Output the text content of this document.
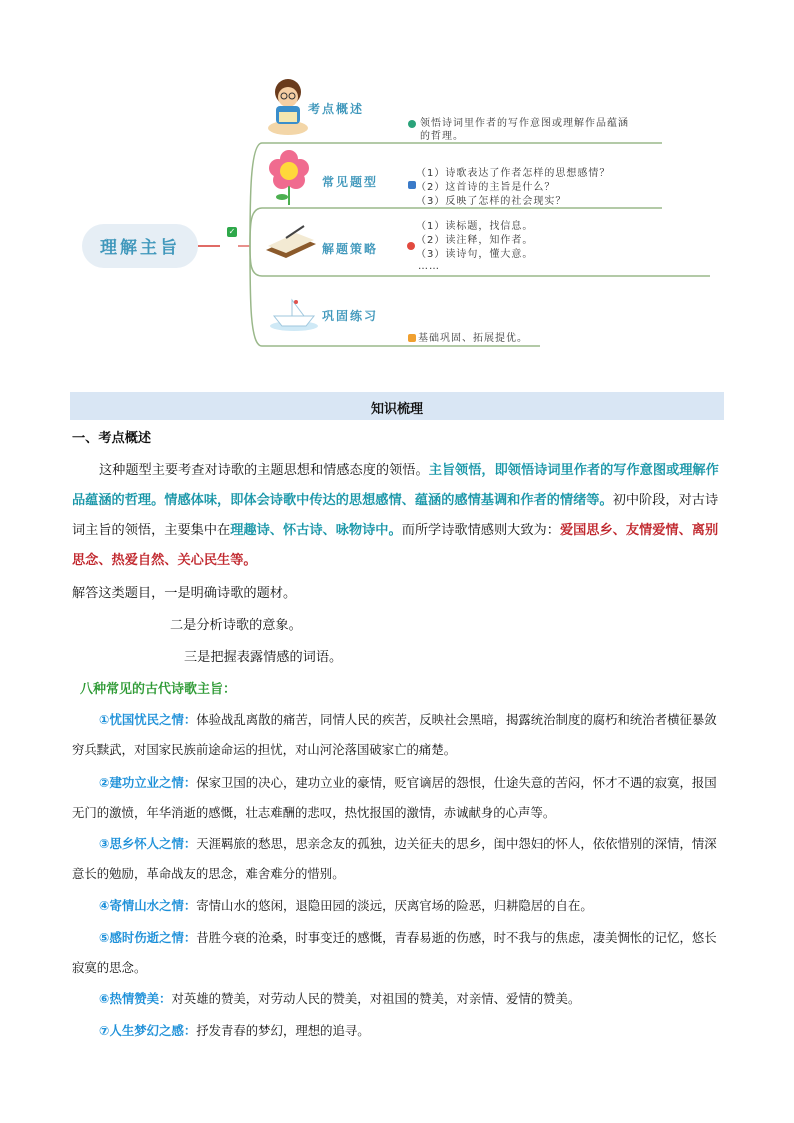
理解主旨
✓
考点概述
领悟诗词里作者的写作意图或理解作品蕴涵
的哲理。
常见题型
（1）诗歌表达了作者怎样的思想感情？
（2）这首诗的主旨是什么？
（3）反映了怎样的社会现实？
解题策略
（1）读标题，找信息。
（2）读注释，知作者。
（3）读诗句，懂大意。
……
巩固练习
基础巩固、拓展提优。
知识梳理
一、考点概述

这种题型主要考查对诗歌的主题思想和情感态度的领悟。主旨领悟，即领悟诗词里作者的写作意图或理解作品蕴涵的哲理。情感体味，即体会诗歌中传达的思想感情、蕴涵的感情基调和作者的情绪等。初中阶段，对古诗词主旨的领悟，主要集中在理趣诗、怀古诗、咏物诗中。而所学诗歌情感则大致为：爱国思乡、友情爱情、离别思念、热爱自然、关心民生等。

解答这类题目，一是明确诗歌的题材。
二是分析诗歌的意象。
三是把握表露情感的词语。
八种常见的古代诗歌主旨：

①忧国忧民之情：体验战乱离散的痛苦，同情人民的疾苦，反映社会黑暗，揭露统治制度的腐朽和统治者横征暴敛穷兵黩武，对国家民族前途命运的担忧，对山河沦落国破家亡的痛楚。

②建功立业之情：保家卫国的决心，建功立业的豪情，贬官谪居的怨恨，仕途失意的苦闷，怀才不遇的寂寞，报国无门的激愤，年华消逝的感慨，壮志难酬的悲叹，热忱报国的激情，赤诚献身的心声等。

③思乡怀人之情：天涯羁旅的愁思，思亲念友的孤独，边关征夫的思乡，闺中怨妇的怀人，依依惜别的深情，情深意长的勉励，革命战友的思念，难舍难分的惜别。

④寄情山水之情：寄情山水的悠闲，退隐田园的淡远，厌离官场的险恶，归耕隐居的自在。

⑤感时伤逝之情：昔胜今衰的沧桑，时事变迁的感慨，青春易逝的伤感，时不我与的焦虑，凄美惆怅的记忆，悠长寂寞的思念。

⑥热情赞美：对英雄的赞美，对劳动人民的赞美，对祖国的赞美，对亲情、爱情的赞美。

⑦人生梦幻之感：抒发青春的梦幻，理想的追寻。
